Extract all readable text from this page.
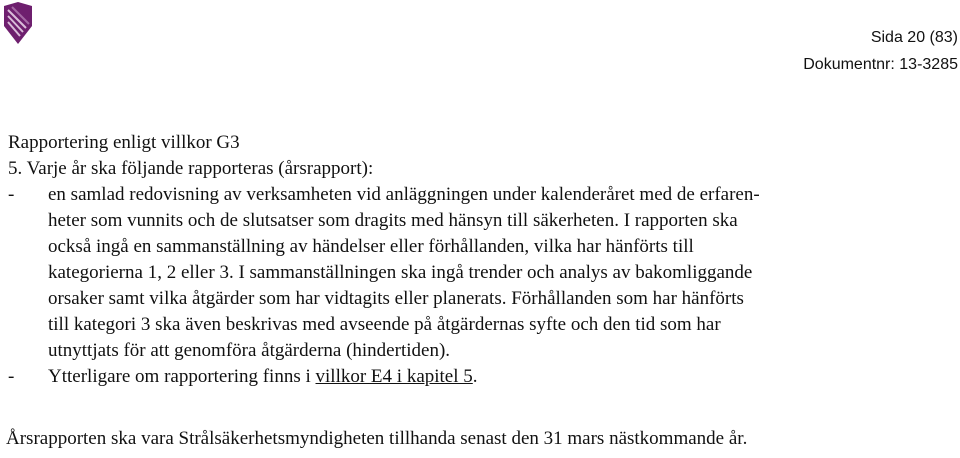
Sida 20 (83)
Dokumentnr: 13-3285
Rapportering enligt villkor G3
5. Varje år ska följande rapporteras (årsrapport):
-	en samlad redovisning av verksamheten vid anläggningen under kalenderåret med de erfaren-
heter som vunnits och de slutsatser som dragits med hänsyn till säkerheten. I rapporten ska
också ingå en sammanställning av händelser eller förhållanden, vilka har hänförts till
kategorierna 1, 2 eller 3. I sammanställningen ska ingå trender och analys av bakomliggande
orsaker samt vilka åtgärder som har vidtagits eller planerats. Förhållanden som har hänförts
till kategori 3 ska även beskrivas med avseende på åtgärdernas syfte och den tid som har
utnyttjats för att genomföra åtgärderna (hindertiden).
-	Ytterligare om rapportering finns i villkor E4 i kapitel 5.
Årsrapporten ska vara Strålsäkerhetsmyndigheten tillhanda senast den 31 mars nästkommande år.
